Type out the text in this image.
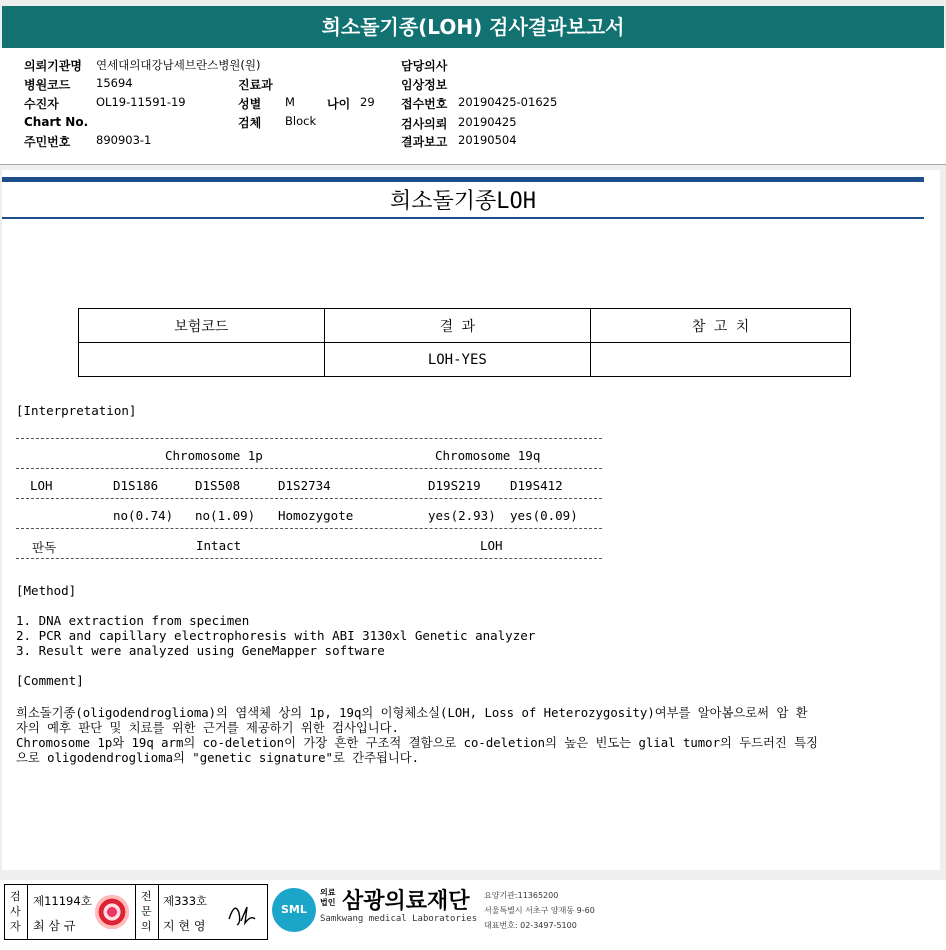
희소돌기종(LOH) 검사결과보고서
의뢰기관명 연세대의대강남세브란스병원(원)
병원코드 15694
수진자	OL19-11591-19
Chart No.
주민번호 890903-1
진료과
성별 M	나이 29
검체 Block
담당의사
임상정보
접수번호 20190425-01625
검사의뢰 20190425
결과보고 20190504
희소돌기종LOH
보험코드	결 과	참 고 치
	LOH-YES	
[Interpretation]
Chromosome 1p	Chromosome 19q
LOH	D1S186	D1S508	D1S2734	D19S219 D19S412
no(0.74) no(1.09) Homozygote	yes(2.93) yes(0.09)
판독	Intact	LOH
[Method]
1. DNA extraction from specimen
2. PCR and capillary electrophoresis with ABI 3130xl Genetic analyzer
3. Result were analyzed using GeneMapper software
[Comment]
희소돌기종(oligodendroglioma)의 염색체 상의 1p, 19q의 이형체소실(LOH, Loss of Heterozygosity)여부를 알아봄으로써 암 환
자의 예후 판단 및 치료를 위한 근거를 제공하기 위한 검사입니다.
Chromosome 1p와 19q arm의 co-deletion이 가장 흔한 구조적 결함으로 co-deletion의 높은 빈도는 glial tumor의 두드러진 특징
으로 oligodendroglioma의 "genetic signature"로 간주됩니다.
검사자
제11194호
최 삼 규
전문의
제333호
지 현 영
SML
의료법인 삼광의료재단
Samkwang medical Laboratories
요양기관:11365200
서울특별시 서초구 양재동 9-60
대표번호: 02-3497-5100
